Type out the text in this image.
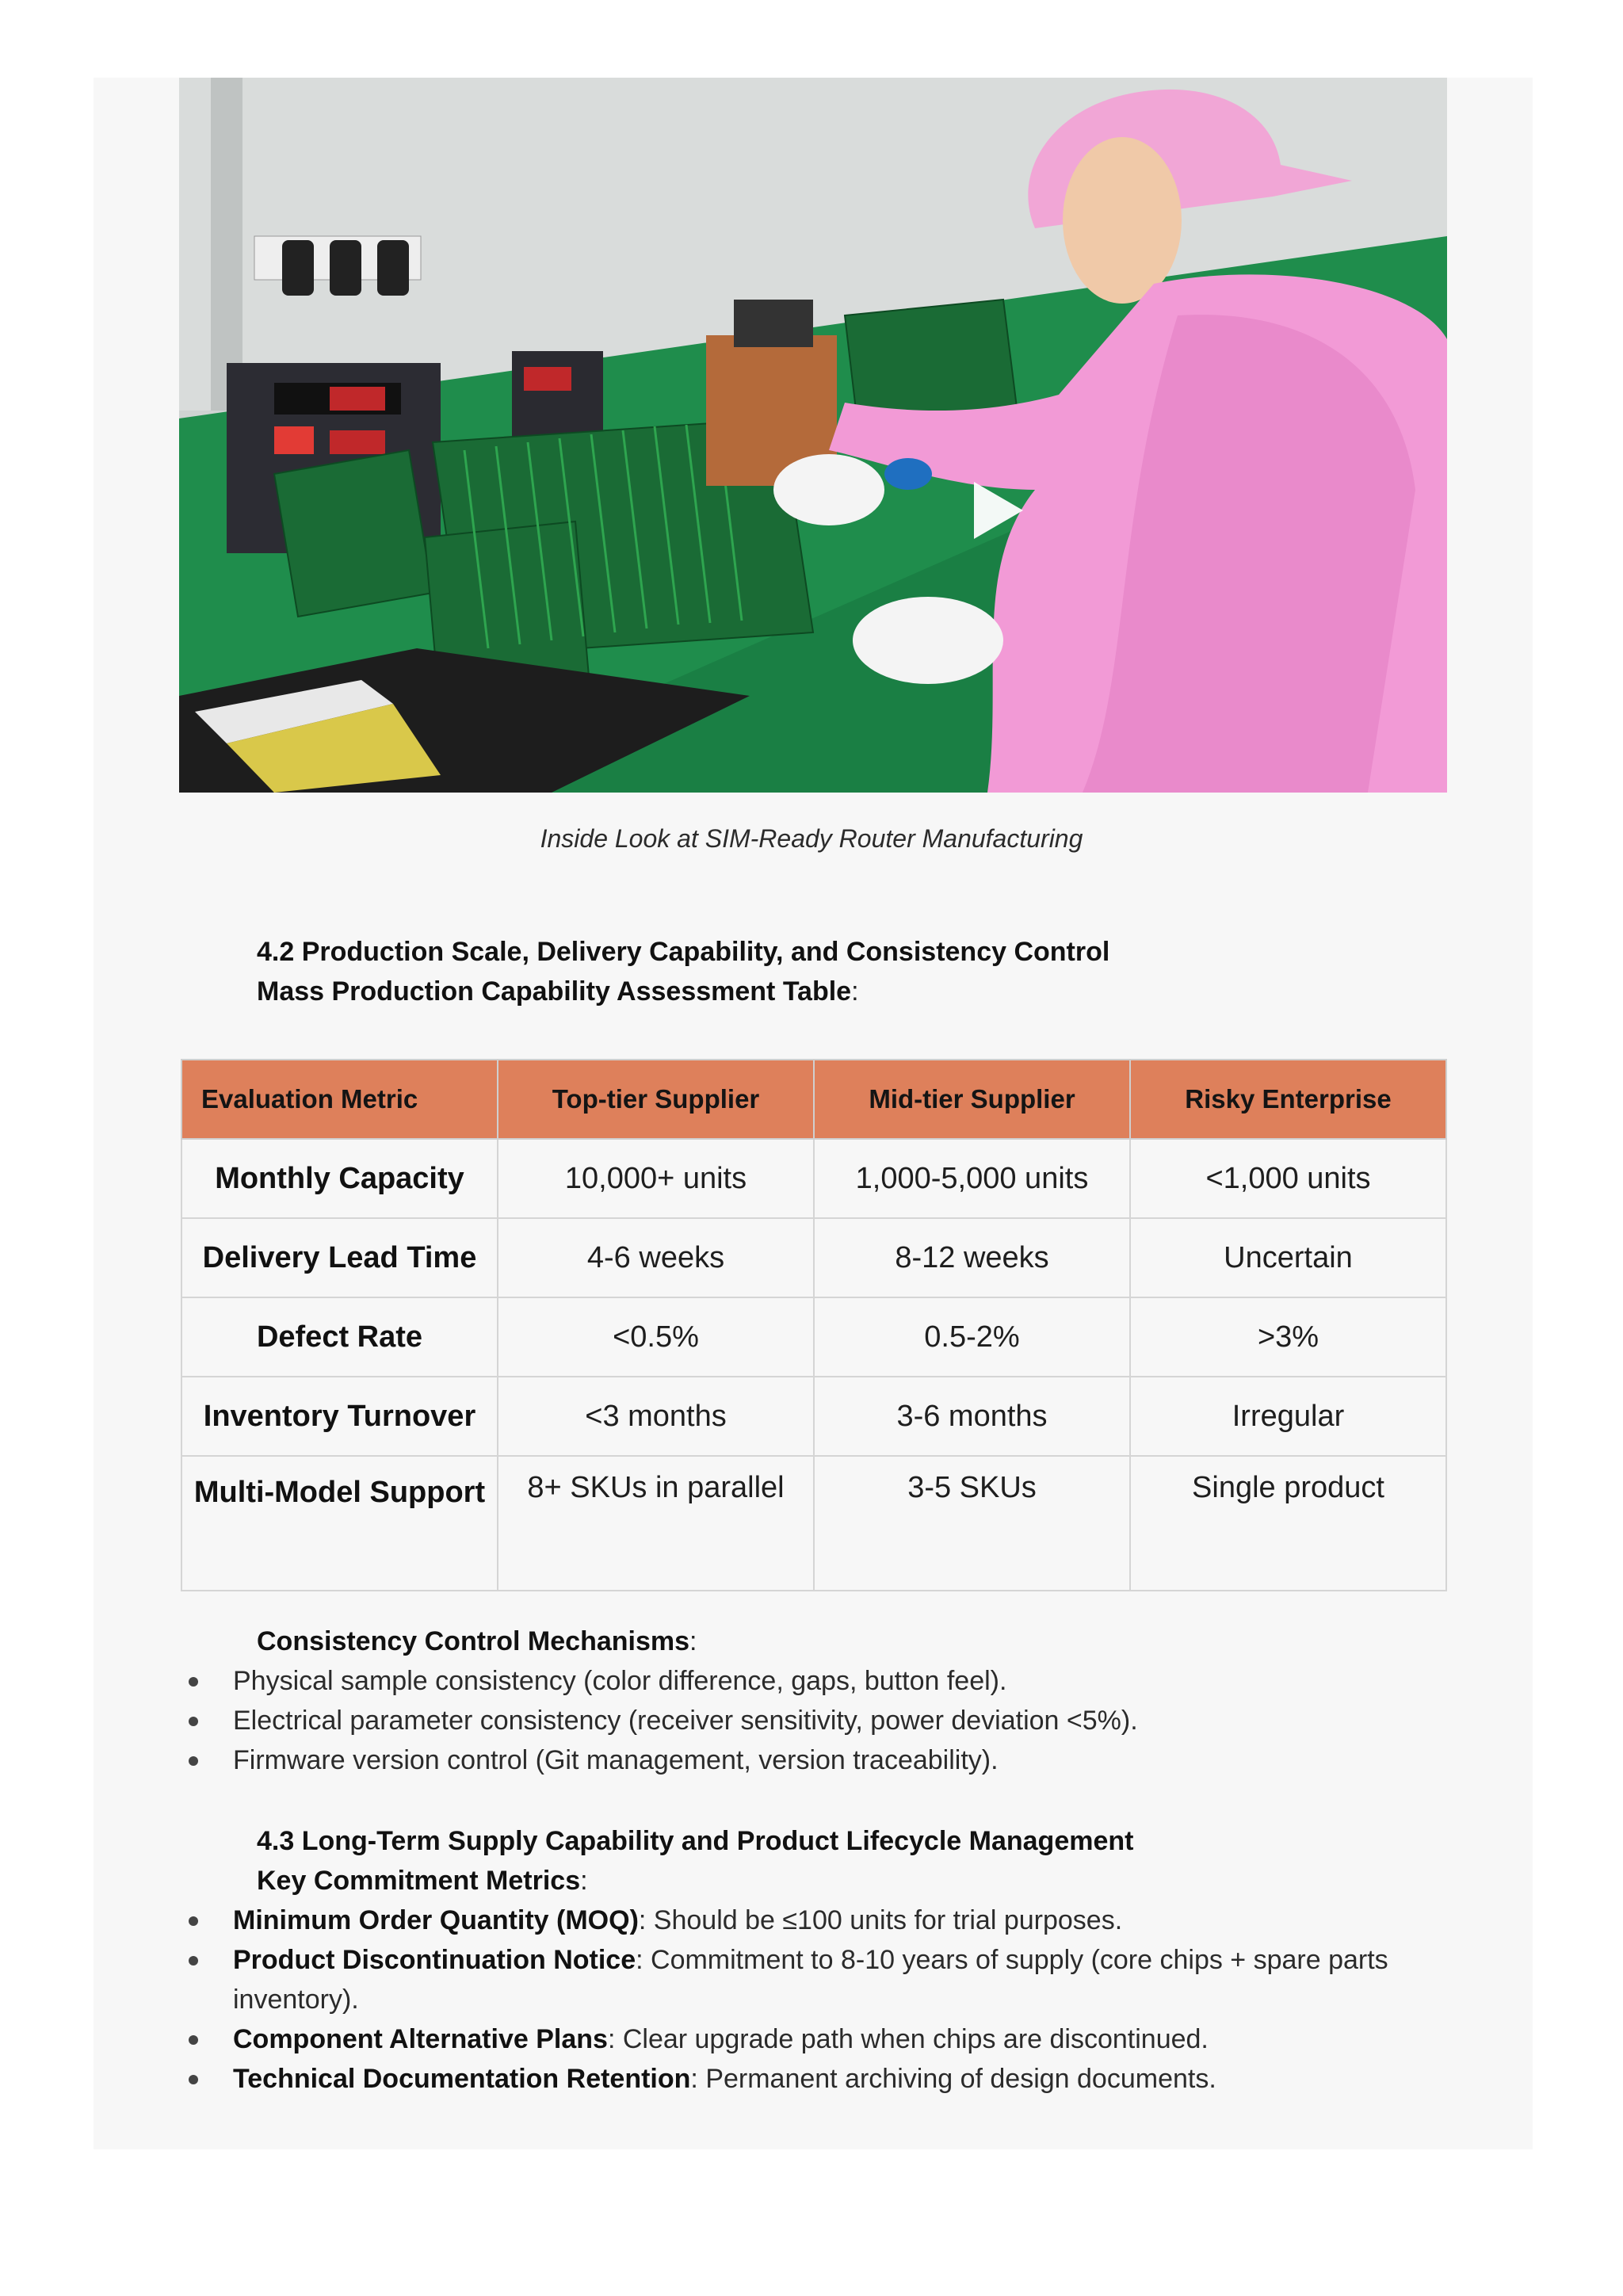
Inside Look at SIM-Ready Router Manufacturing
4.2 Production Scale, Delivery Capability, and Consistency Control
Mass Production Capability Assessment Table:
Evaluation Metric	Top-tier Supplier	Mid-tier Supplier	Risky Enterprise
Monthly Capacity	10,000+ units	1,000-5,000 units	<1,000 units
Delivery Lead Time	4-6 weeks	8-12 weeks	Uncertain
Defect Rate	<0.5%	0.5-2%	>3%
Inventory Turnover	<3 months	3-6 months	Irregular
Multi-Model Support	8+ SKUs in parallel	3-5 SKUs	Single product
Consistency Control Mechanisms:
Physical sample consistency (color difference, gaps, button feel).
Electrical parameter consistency (receiver sensitivity, power deviation <5%).
Firmware version control (Git management, version traceability).
4.3 Long-Term Supply Capability and Product Lifecycle Management
Key Commitment Metrics:
Minimum Order Quantity (MOQ): Should be ≤100 units for trial purposes.
Product Discontinuation Notice: Commitment to 8-10 years of supply (core chips + spare parts inventory).
Component Alternative Plans: Clear upgrade path when chips are discontinued.
Technical Documentation Retention: Permanent archiving of design documents.
